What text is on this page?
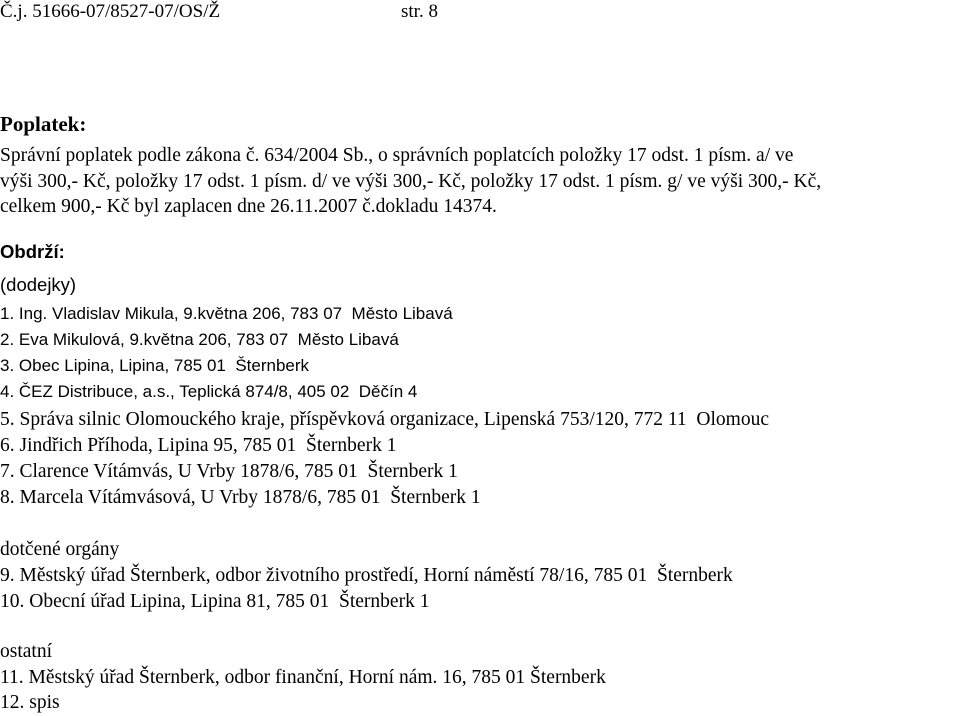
Č.j. 51666-07/8527-07/OS/Ž	str. 8
Poplatek:
Správní poplatek podle zákona č. 634/2004 Sb., o správních poplatcích položky 17 odst. 1 písm. a/ ve
výši 300,- Kč, položky 17 odst. 1 písm. d/ ve výši 300,- Kč, položky 17 odst. 1 písm. g/ ve výši 300,- Kč,
celkem 900,- Kč byl zaplacen dne 26.11.2007 č.dokladu 14374.
Obdrží:
(dodejky)
1. Ing. Vladislav Mikula, 9.května 206, 783 07  Město Libavá
2. Eva Mikulová, 9.května 206, 783 07  Město Libavá
3. Obec Lipina, Lipina, 785 01  Šternberk
4. ČEZ Distribuce, a.s., Teplická 874/8, 405 02  Děčín 4
5. Správa silnic Olomouckého kraje, příspěvková organizace, Lipenská 753/120, 772 11  Olomouc
6. Jindřich Příhoda, Lipina 95, 785 01  Šternberk 1
7. Clarence Vítámvás, U Vrby 1878/6, 785 01  Šternberk 1
8. Marcela Vítámvásová, U Vrby 1878/6, 785 01  Šternberk 1
dotčené orgány
9. Městský úřad Šternberk, odbor životního prostředí, Horní náměstí 78/16, 785 01  Šternberk
10. Obecní úřad Lipina, Lipina 81, 785 01  Šternberk 1
ostatní
11. Městský úřad Šternberk, odbor finanční, Horní nám. 16, 785 01 Šternberk
12. spis
